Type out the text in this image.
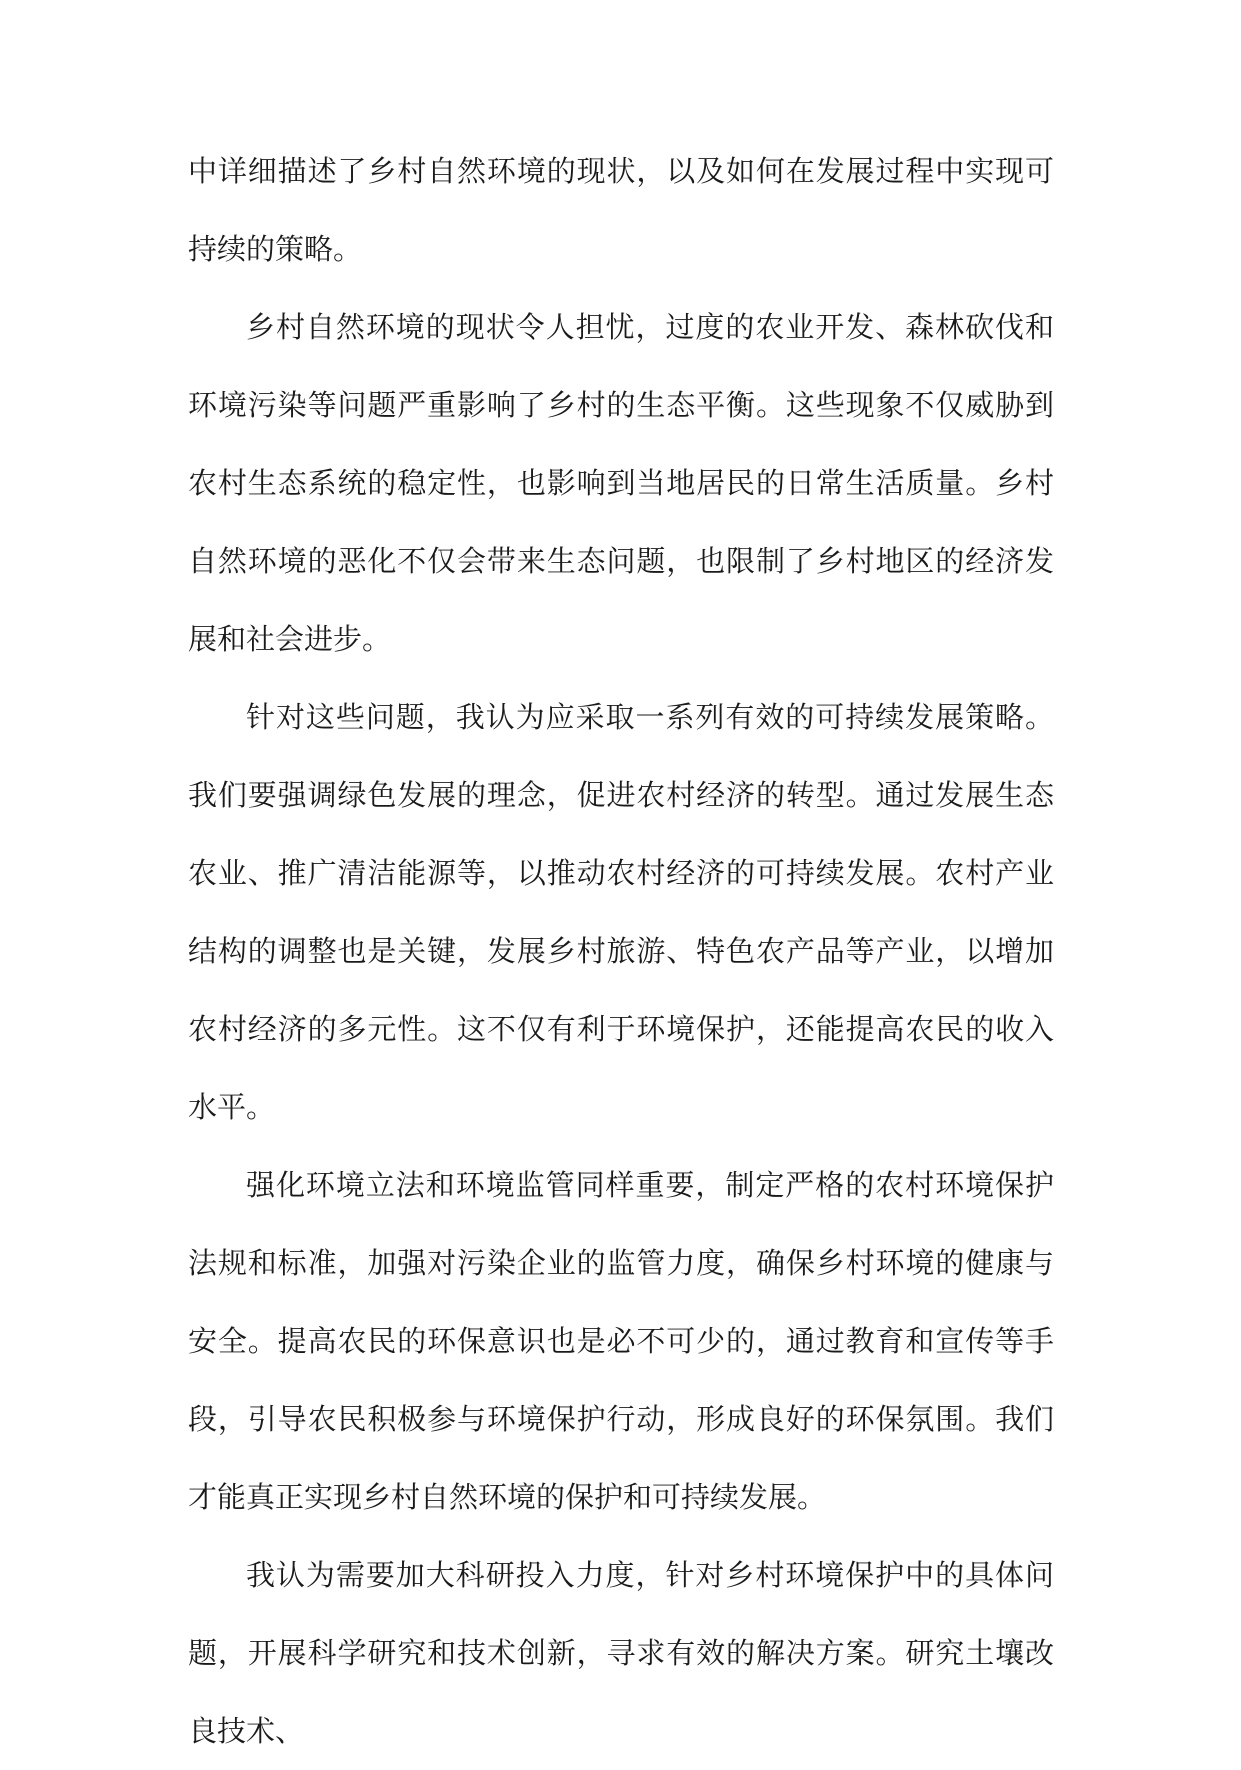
中详细描述了乡村自然环境的现状，以及如何在发展过程中实现可持续的策略。

乡村自然环境的现状令人担忧，过度的农业开发、森林砍伐和环境污染等问题严重影响了乡村的生态平衡。这些现象不仅威胁到农村生态系统的稳定性，也影响到当地居民的日常生活质量。乡村自然环境的恶化不仅会带来生态问题，也限制了乡村地区的经济发展和社会进步。

针对这些问题，我认为应采取一系列有效的可持续发展策略。我们要强调绿色发展的理念，促进农村经济的转型。通过发展生态农业、推广清洁能源等，以推动农村经济的可持续发展。农村产业结构的调整也是关键，发展乡村旅游、特色农产品等产业，以增加农村经济的多元性。这不仅有利于环境保护，还能提高农民的收入水平。

强化环境立法和环境监管同样重要，制定严格的农村环境保护法规和标准，加强对污染企业的监管力度，确保乡村环境的健康与安全。提高农民的环保意识也是必不可少的，通过教育和宣传等手段，引导农民积极参与环境保护行动，形成良好的环保氛围。我们才能真正实现乡村自然环境的保护和可持续发展。

我认为需要加大科研投入力度，针对乡村环境保护中的具体问题，开展科学研究和技术创新，寻求有效的解决方案。研究土壤改良技术、
